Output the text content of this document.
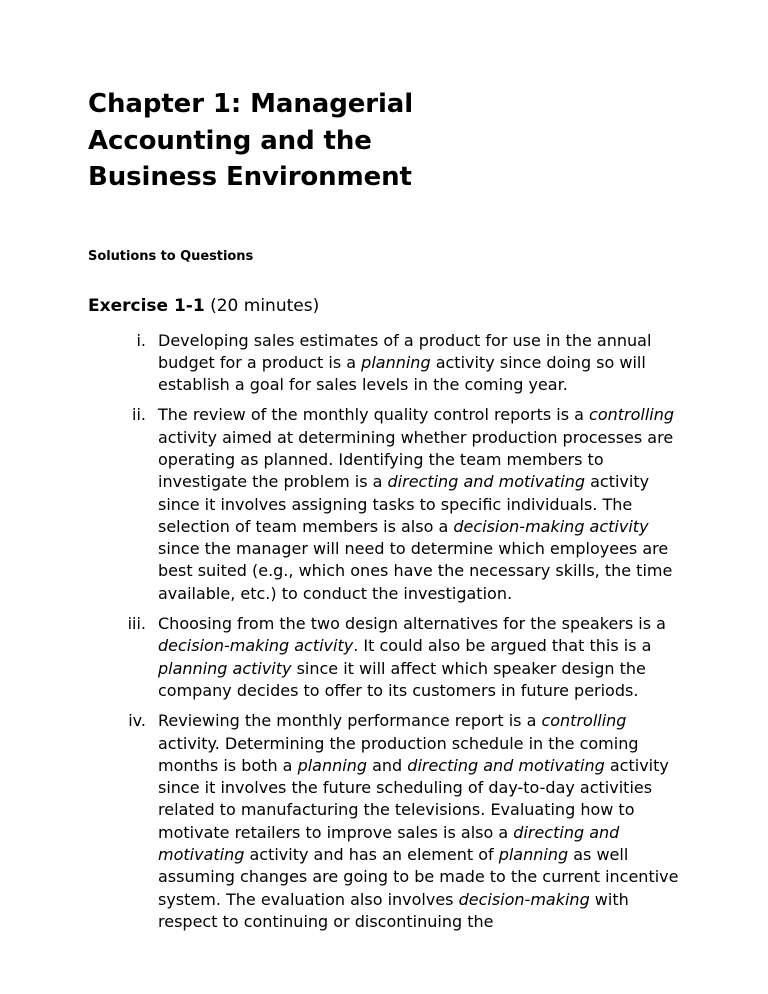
Chapter 1: Managerial
Accounting and the
Business Environment
Solutions to Questions
Exercise 1-1 (20 minutes)
i. Developing sales estimates of a product for use in the annual budget for a product is a planning activity since doing so will establish a goal for sales levels in the coming year.
ii. The review of the monthly quality control reports is a controlling activity aimed at determining whether production processes are operating as planned. Identifying the team members to investigate the problem is a directing and motivating activity since it involves assigning tasks to specific individuals. The selection of team members is also a decision-making activity since the manager will need to determine which employees are best suited (e.g., which ones have the necessary skills, the time available, etc.) to conduct the investigation.
iii. Choosing from the two design alternatives for the speakers is a decision-making activity. It could also be argued that this is a planning activity since it will affect which speaker design the company decides to offer to its customers in future periods.
iv. Reviewing the monthly performance report is a controlling activity. Determining the production schedule in the coming months is both a planning and directing and motivating activity since it involves the future scheduling of day-to-day activities related to manufacturing the televisions. Evaluating how to motivate retailers to improve sales is also a directing and motivating activity and has an element of planning as well assuming changes are going to be made to the current incentive system. The evaluation also involves decision-making with respect to continuing or discontinuing the
